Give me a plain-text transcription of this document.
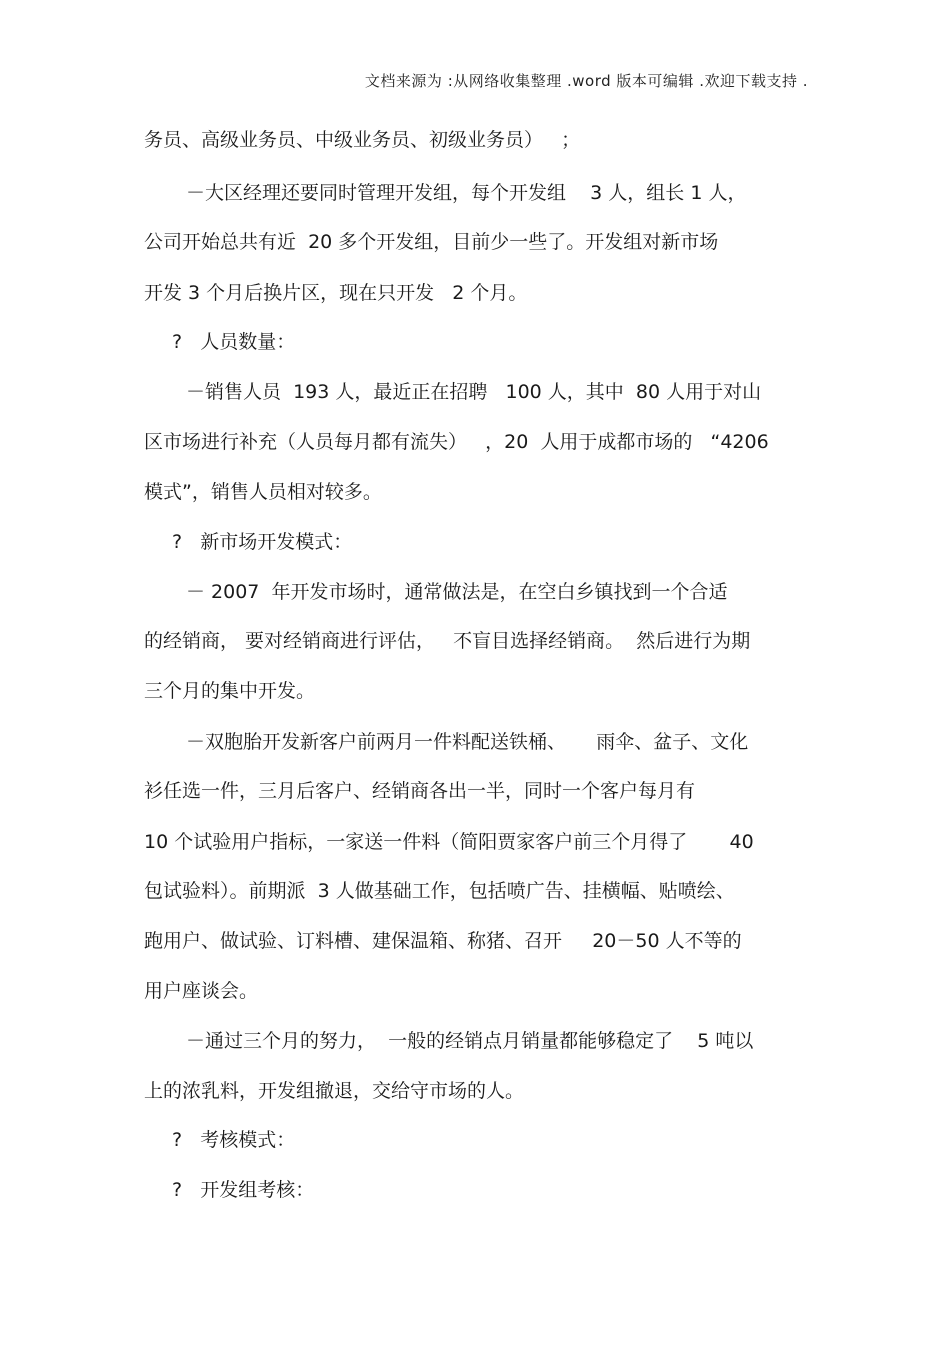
文档来源为 :从网络收集整理 .word 版本可编辑 .欢迎下载支持 .
务员、高级业务员、中级业务员、初级业务员）   ；
－大区经理还要同时管理开发组，每个开发组    3 人，组长 1 人，
公司开始总共有近  20 多个开发组，目前少一些了。开发组对新市场
开发 3 个月后换片区，现在只开发   2 个月。
?   人员数量：
－销售人员  193 人，最近正在招聘   100 人，其中  80 人用于对山
区市场进行补充（人员每月都有流失）   ，20  人用于成都市场的   “4206
模式”，销售人员相对较多。
?   新市场开发模式：
－ 2007  年开发市场时，通常做法是，在空白乡镇找到一个合适
的经销商， 要对经销商进行评估，   不盲目选择经销商。  然后进行为期
三个月的集中开发。
－双胞胎开发新客户前两月一件料配送铁桶、     雨伞、盆子、文化
衫任选一件，三月后客户、经销商各出一半，同时一个客户每月有
10 个试验用户指标，一家送一件料（简阳贾家客户前三个月得了       40
包试验料）。前期派  3 人做基础工作，包括喷广告、挂横幅、贴喷绘、
跑用户、做试验、订料槽、建保温箱、称猪、召开     20－50 人不等的
用户座谈会。
－通过三个月的努力，  一般的经销点月销量都能够稳定了    5 吨以
上的浓乳料，开发组撤退，交给守市场的人。
?   考核模式：
?   开发组考核：
